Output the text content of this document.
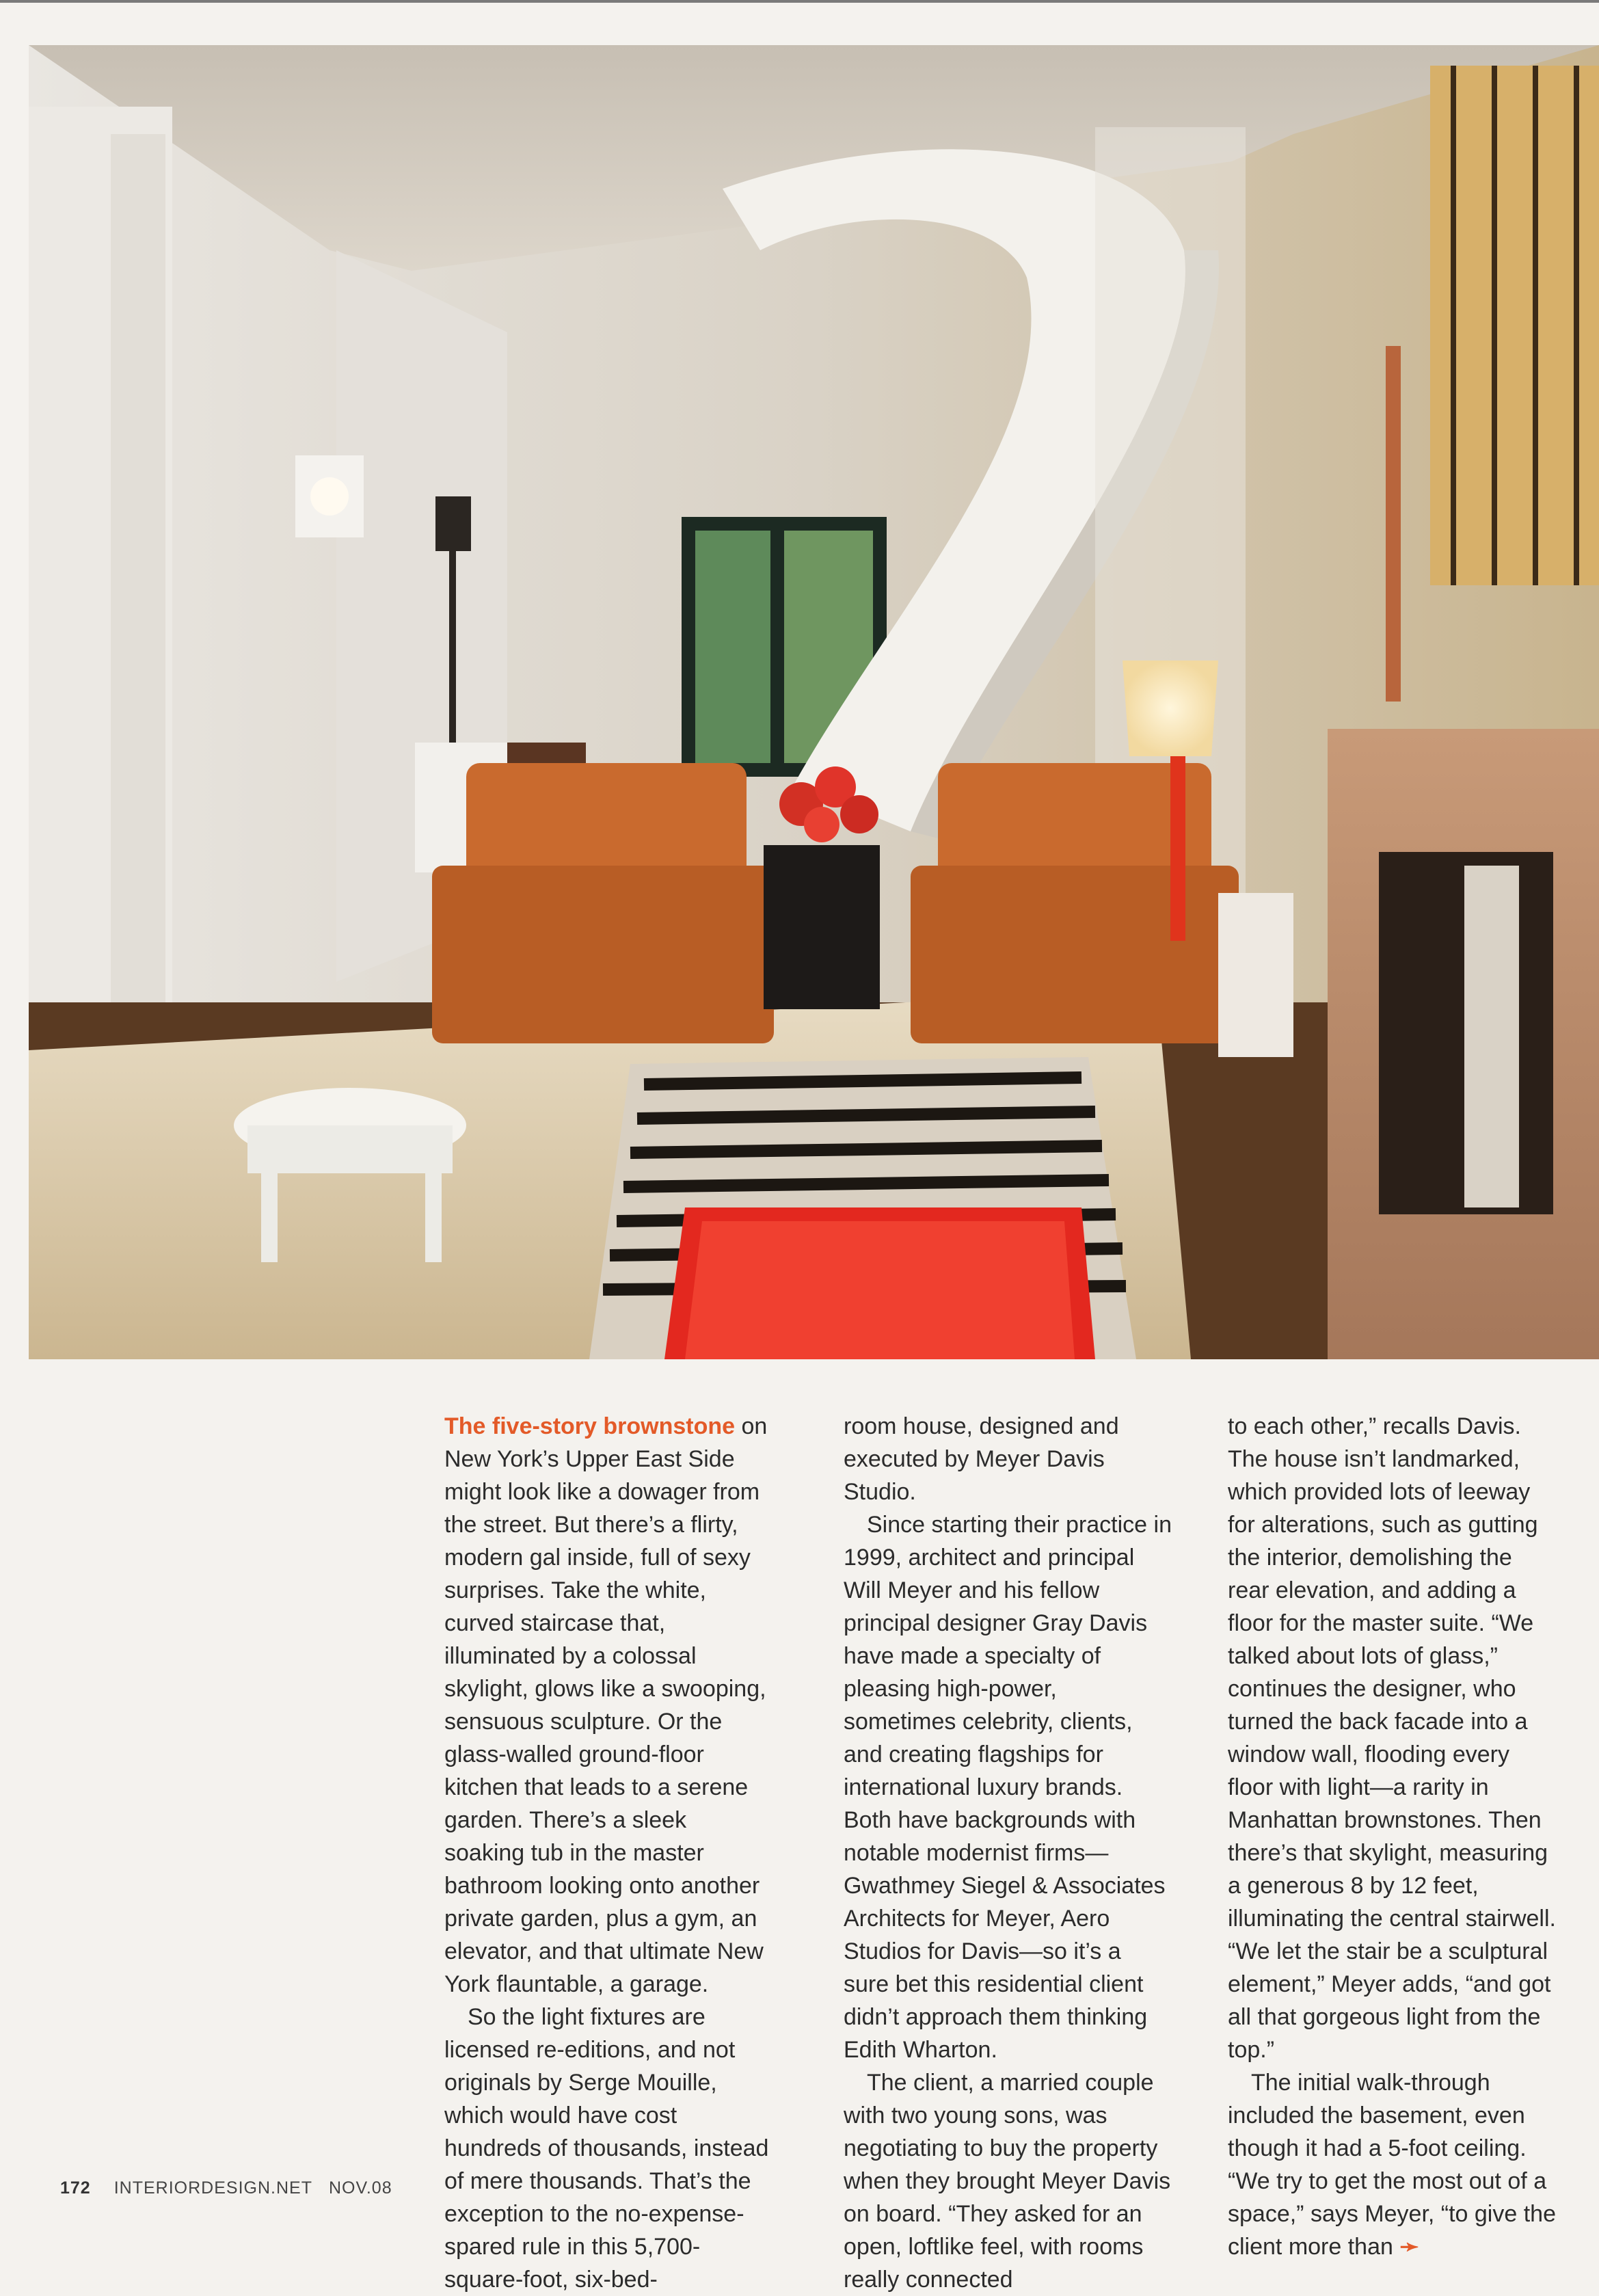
The five-story brownstone on New York’s Upper East Side might look like a dowager from the street. But there’s a flirty, modern gal inside, full of sexy surprises. Take the white, curved staircase that, illuminated by a colossal skylight, glows like a swooping, sensuous sculpture. Or the glass-walled ground-floor kitchen that leads to a serene garden. There’s a sleek soaking tub in the master bathroom looking onto another private garden, plus a gym, an elevator, and that ultimate New York flauntable, a garage.

So the light fixtures are licensed re-editions, and not originals by Serge Mouille, which would have cost hundreds of thousands, instead of mere thousands. That’s the exception to the no-expense-spared rule in this 5,700-square-foot, six-bed-

room house, designed and executed by Meyer Davis Studio.

Since starting their practice in 1999, architect and principal Will Meyer and his fellow principal designer Gray Davis have made a specialty of pleasing high-power, sometimes celebrity, clients, and creating flagships for international luxury brands. Both have backgrounds with notable modernist firms—Gwathmey Siegel & Associates Architects for Meyer, Aero Studios for Davis—so it’s a sure bet this residential client didn’t approach them thinking Edith Wharton.

The client, a married couple with two young sons, was negotiating to buy the property when they brought Meyer Davis on board. “They asked for an open, loftlike feel, with rooms really connected

to each other,” recalls Davis. The house isn’t landmarked, which provided lots of leeway for alterations, such as gutting the interior, demolishing the rear elevation, and adding a floor for the master suite. “We talked about lots of glass,” continues the designer, who turned the back facade into a window wall, flooding every floor with light—a rarity in Manhattan brownstones. Then there’s that skylight, measuring a generous 8 by 12 feet, illuminating the central stairwell. “We let the stair be a sculptural element,” Meyer adds, “and got all that gorgeous light from the top.”

The initial walk-through included the basement, even though it had a 5-foot ceiling. “We try to get the most out of a space,” says Meyer, “to give the client more than ➛

172 INTERIORDESIGN.NET NOV.08
